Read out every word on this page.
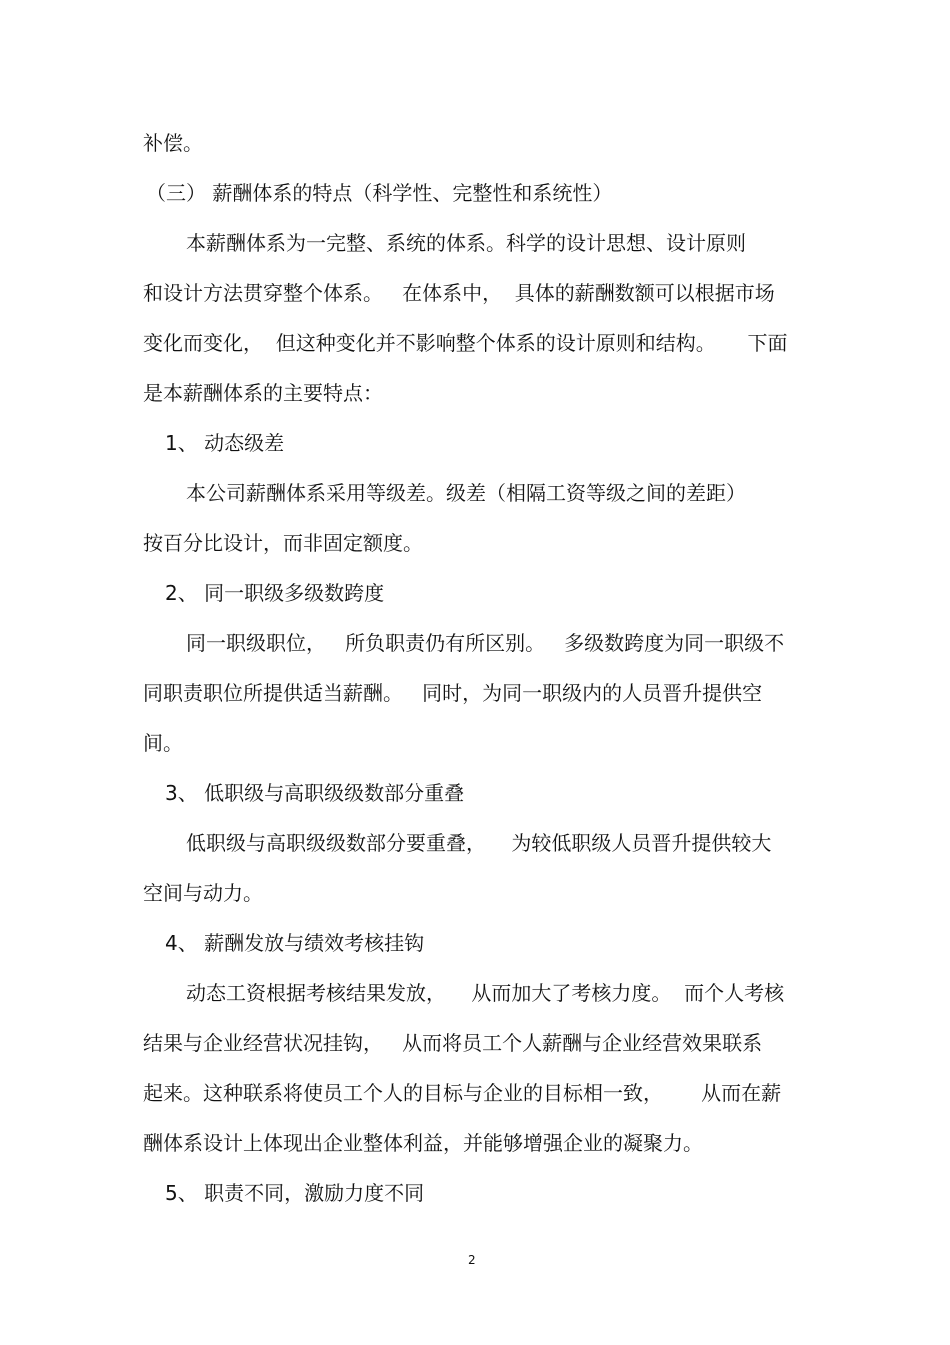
补偿。

（三） 薪酬体系的特点（科学性、完整性和系统性）

本薪酬体系为一完整、系统的体系。科学的设计思想、设计原则

和设计方法贯穿整个体系。   在体系中，  具体的薪酬数额可以根据市场

变化而变化，  但这种变化并不影响整个体系的设计原则和结构。     下面

是本薪酬体系的主要特点：

1、 动态级差

本公司薪酬体系采用等级差。级差（相隔工资等级之间的差距）

按百分比设计，而非固定额度。

2、 同一职级多级数跨度

同一职级职位，   所负职责仍有所区别。   多级数跨度为同一职级不

同职责职位所提供适当薪酬。   同时，为同一职级内的人员晋升提供空

间。

3、 低职级与高职级级数部分重叠

低职级与高职级级数部分要重叠，    为较低职级人员晋升提供较大

空间与动力。

4、 薪酬发放与绩效考核挂钩

动态工资根据考核结果发放，    从而加大了考核力度。  而个人考核

结果与企业经营状况挂钩，   从而将员工个人薪酬与企业经营效果联系

起来。这种联系将使员工个人的目标与企业的目标相一致，      从而在薪

酬体系设计上体现出企业整体利益，并能够增强企业的凝聚力。

5、 职责不同，激励力度不同

2
